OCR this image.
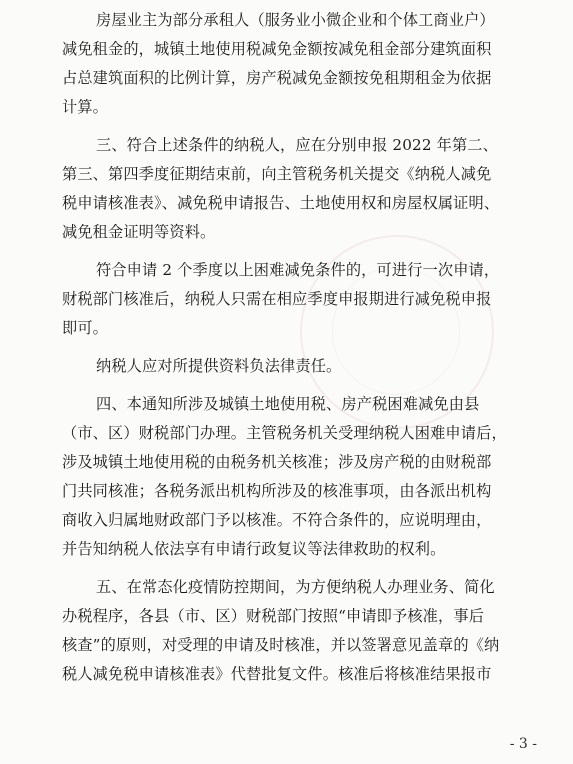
房屋业主为部分承租人（服务业小微企业和个体工商业户）
减免租金的，城镇土地使用税减免金额按减免租金部分建筑面积
占总建筑面积的比例计算，房产税减免金额按免租期租金为依据
计算。

三、符合上述条件的纳税人，应在分别申报 2022 年第二、
第三、第四季度征期结束前，向主管税务机关提交《纳税人减免
税申请核准表》、减免税申请报告、土地使用权和房屋权属证明、
减免租金证明等资料。

符合申请 2 个季度以上困难减免条件的，可进行一次申请，
财税部门核准后，纳税人只需在相应季度申报期进行减免税申报
即可。

纳税人应对所提供资料负法律责任。

四、本通知所涉及城镇土地使用税、房产税困难减免由县
（市、区）财税部门办理。主管税务机关受理纳税人困难申请后，
涉及城镇土地使用税的由税务机关核准；涉及房产税的由财税部
门共同核准；各税务派出机构所涉及的核准事项，由各派出机构
商收入归属地财政部门予以核准。不符合条件的，应说明理由，
并告知纳税人依法享有申请行政复议等法律救助的权利。

五、在常态化疫情防控期间，为方便纳税人办理业务、简化
办税程序，各县（市、区）财税部门按照“申请即予核准，事后
核查”的原则，对受理的申请及时核准，并以签署意见盖章的《纳
税人减免税申请核准表》代替批复文件。核准后将核准结果报市

- 3 -
